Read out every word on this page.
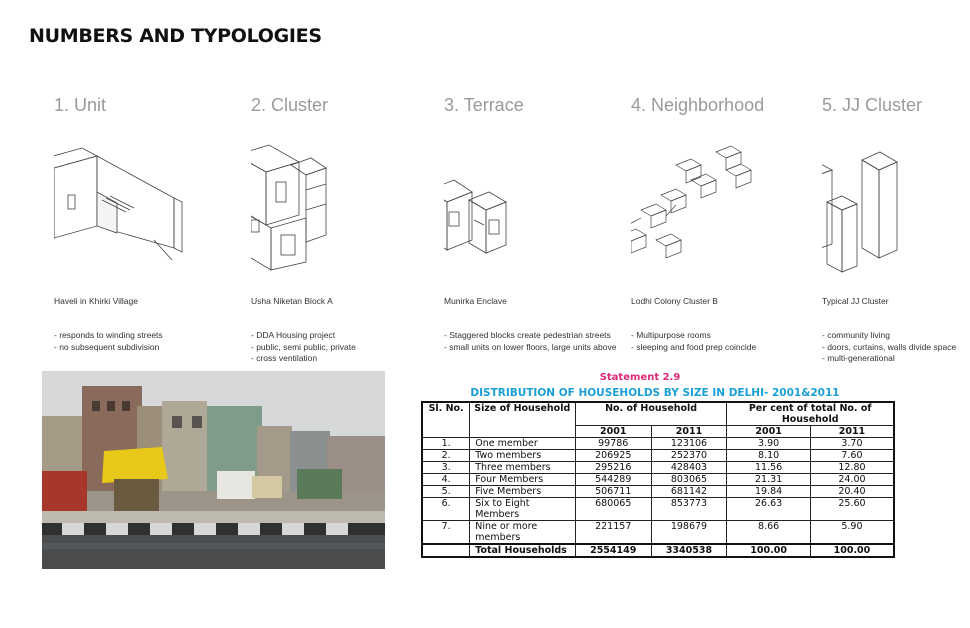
NUMBERS AND TYPOLOGIES
1. Unit
Haveli in Khirki Village
- responds to winding streets
- no subsequent subdivision
2. Cluster
Usha Niketan Block A
- DDA Housing project
- public, semi public, private
- cross ventilation
3. Terrace
Munirka Enclave
- Staggered blocks create pedestrian streets
- small units on lower floors, large units above
4. Neighborhood
Lodhi Colony Cluster B
- Multipurpose rooms
- sleeping and food prep coincide
5. JJ Cluster
Typical JJ Cluster
- community living
- doors, curtains, walls divide space
- multi-generational
Statement 2.9
DISTRIBUTION OF HOUSEHOLDS BY SIZE IN DELHI- 2001&2011
Sl. No.	Size of Household	No. of Household		Per cent of total No. of Household	
		2001	2011	2001	2011
1.	One member	99786	123106	3.90	3.70
2.	Two members	206925	252370	8.10	7.60
3.	Three members	295216	428403	11.56	12.80
4.	Four Members	544289	803065	21.31	24.00
5.	Five Members	506711	681142	19.84	20.40
6.	Six to Eight Members	680065	853773	26.63	25.60
7.	Nine or more members	221157	198679	8.66	5.90
	Total Households	2554149	3340538	100.00	100.00
